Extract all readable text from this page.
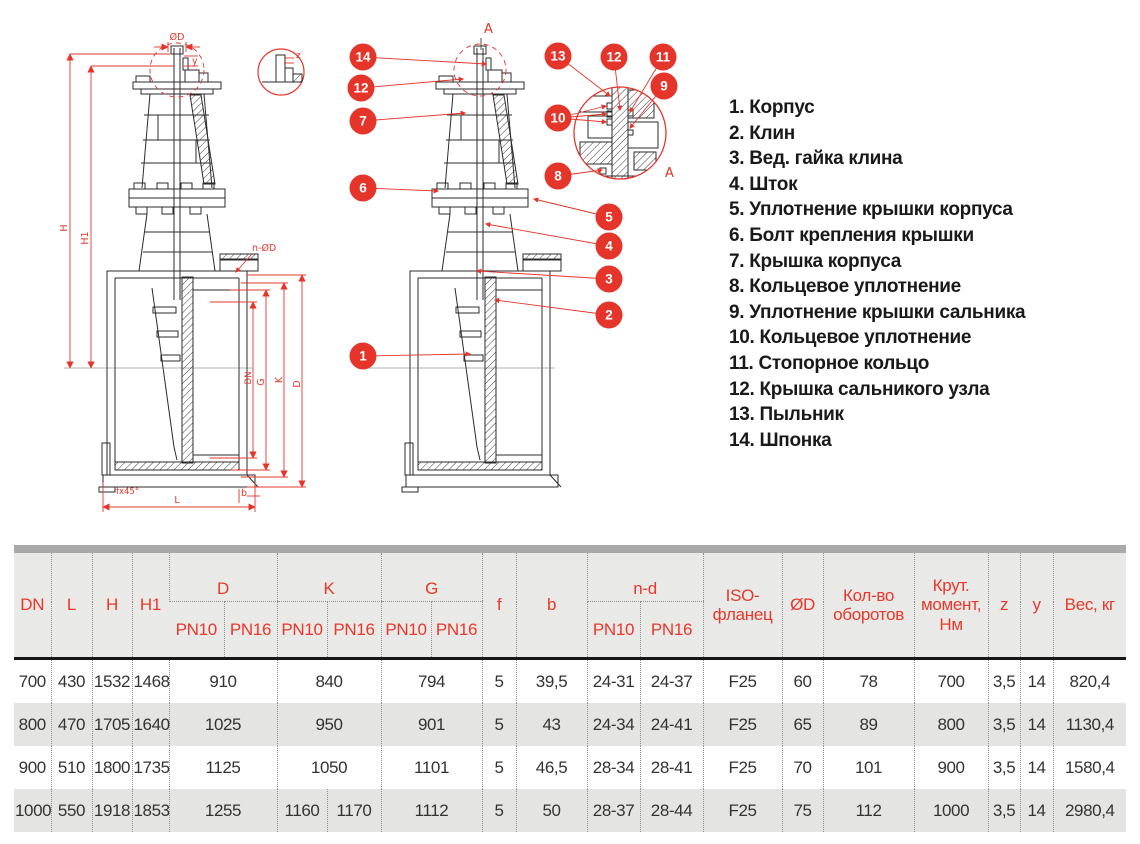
ØD
y
H
H1
DN G K
D
n-ØD
fx45°
L
b
z
A
14
12
7
6
1
5
4
3
2
A
13	12	11
9
10
8
1. Корпус
2. Клин
3. Вед. гайка клина
4. Шток
5. Уплотнение крышки корпуса
6. Болт крепления крышки
7. Крышка корпуса
8. Кольцевое уплотнение
9. Уплотнение крышки сальника
10. Кольцевое уплотнение
11. Стопорное кольцо
12. Крышка сальникого узла
13. Пыльник
14. Шпонка
DN	L	H	H1	D		K		G		f	b	n-d		ISO-фланец	ØD	Кол-во оборотов	Крут. момент, Нм	z	y	Вес, кг
				PN10	PN16	PN10	PN16	PN10	PN16			PN10	PN16							
700	430	1532	1468	910		840		794		5	39,5	24-31	24-37	F25	60	78	700	3,5	14	820,4
800	470	1705	1640	1025		950		901		5	43	24-34	24-41	F25	65	89	800	3,5	14	1130,4
900	510	1800	1735	1125		1050		1101		5	46,5	28-34	28-41	F25	70	101	900	3,5	14	1580,4
1000	550	1918	1853	1255		1160	1170	1112		5	50	28-37	28-44	F25	75	112	1000	3,5	14	2980,4
